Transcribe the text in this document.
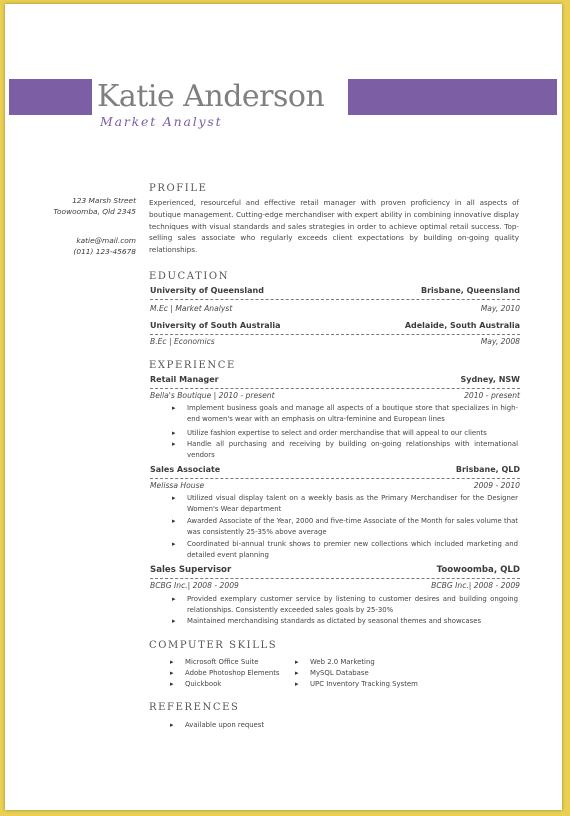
Katie Anderson
Market Analyst
123 Marsh Street
Toowoomba, Qld 2345
katie@mail.com
(011) 123-45678
PROFILE
Experienced, resourceful and effective retail manager with proven proficiency in all aspects of boutique management. Cutting-edge merchandiser with expert ability in combining innovative display techniques with visual standards and sales strategies in order to achieve optimal retail success. Top-selling sales associate who regularly exceeds client expectations by building on-going quality relationships.
EDUCATION
University of Queensland	Brisbane, Queensland
M.Ec | Market Analyst	May, 2010
University of South Australia	Adelaide, South Australia
B.Ec | Economics	May, 2008
EXPERIENCE
Retail Manager	Sydney, NSW
Bella's Boutique | 2010 - present	2010 - present
▸ Implement business goals and manage all aspects of a boutique store that specializes in high-end women's wear with an emphasis on ultra-feminine and European lines
▸ Utilize fashion expertise to select and order merchandise that will appeal to our clients
▸ Handle all purchasing and receiving by building on-going relationships with international vendors
Sales Associate	Brisbane, QLD
Melissa House	2009 - 2010
▸ Utilized visual display talent on a weekly basis as the Primary Merchandiser for the Designer Women's Wear department
▸ Awarded Associate of the Year, 2000 and five-time Associate of the Month for sales volume that was consistently 25-35% above average
▸ Coordinated bi-annual trunk shows to premier new collections which included marketing and detailed event planning
Sales Supervisor	Toowoomba, QLD
BCBG Inc.| 2008 - 2009	BCBG Inc.| 2008 - 2009
▸ Provided exemplary customer service by listening to customer desires and building ongoing relationships. Consistently exceeded sales goals by 25-30%
▸ Maintained merchandising standards as dictated by seasonal themes and showcases
COMPUTER SKILLS
▸ Microsoft Office Suite
▸ Adobe Photoshop Elements
▸ Quickbook
▸ Web 2.0 Marketing
▸ MySQL Database
▸ UPC Inventory Tracking System
REFERENCES
▸ Available upon request
